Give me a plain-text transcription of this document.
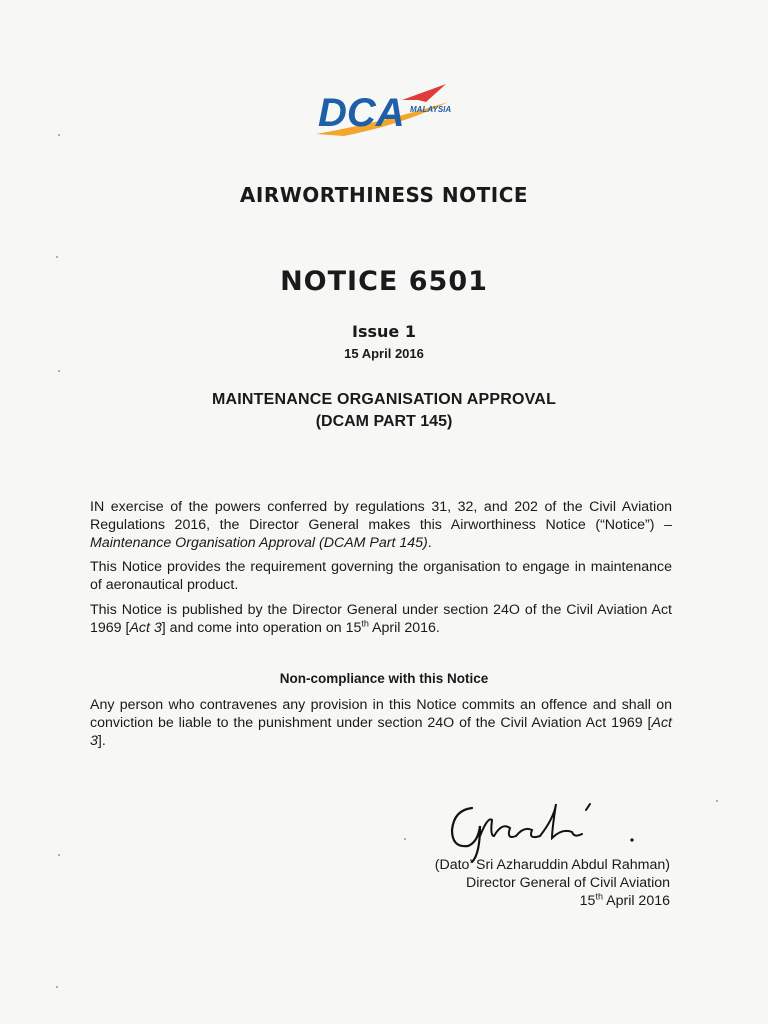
DCA MALAYSIA
AIRWORTHINESS NOTICE
NOTICE 6501
Issue 1
15 April 2016
MAINTENANCE ORGANISATION APPROVAL
(DCAM PART 145)
IN exercise of the powers conferred by regulations 31, 32, and 202 of the Civil Aviation Regulations 2016, the Director General makes this Airworthiness Notice (“Notice”) – Maintenance Organisation Approval (DCAM Part 145).
This Notice provides the requirement governing the organisation to engage in maintenance of aeronautical product.
This Notice is published by the Director General under section 24O of the Civil Aviation Act 1969 [Act 3] and come into operation on 15th April 2016.
Non-compliance with this Notice
Any person who contravenes any provision in this Notice commits an offence and shall on conviction be liable to the punishment under section 24O of the Civil Aviation Act 1969 [Act 3].
(Dato’ Sri Azharuddin Abdul Rahman)
Director General of Civil Aviation
15th April 2016
